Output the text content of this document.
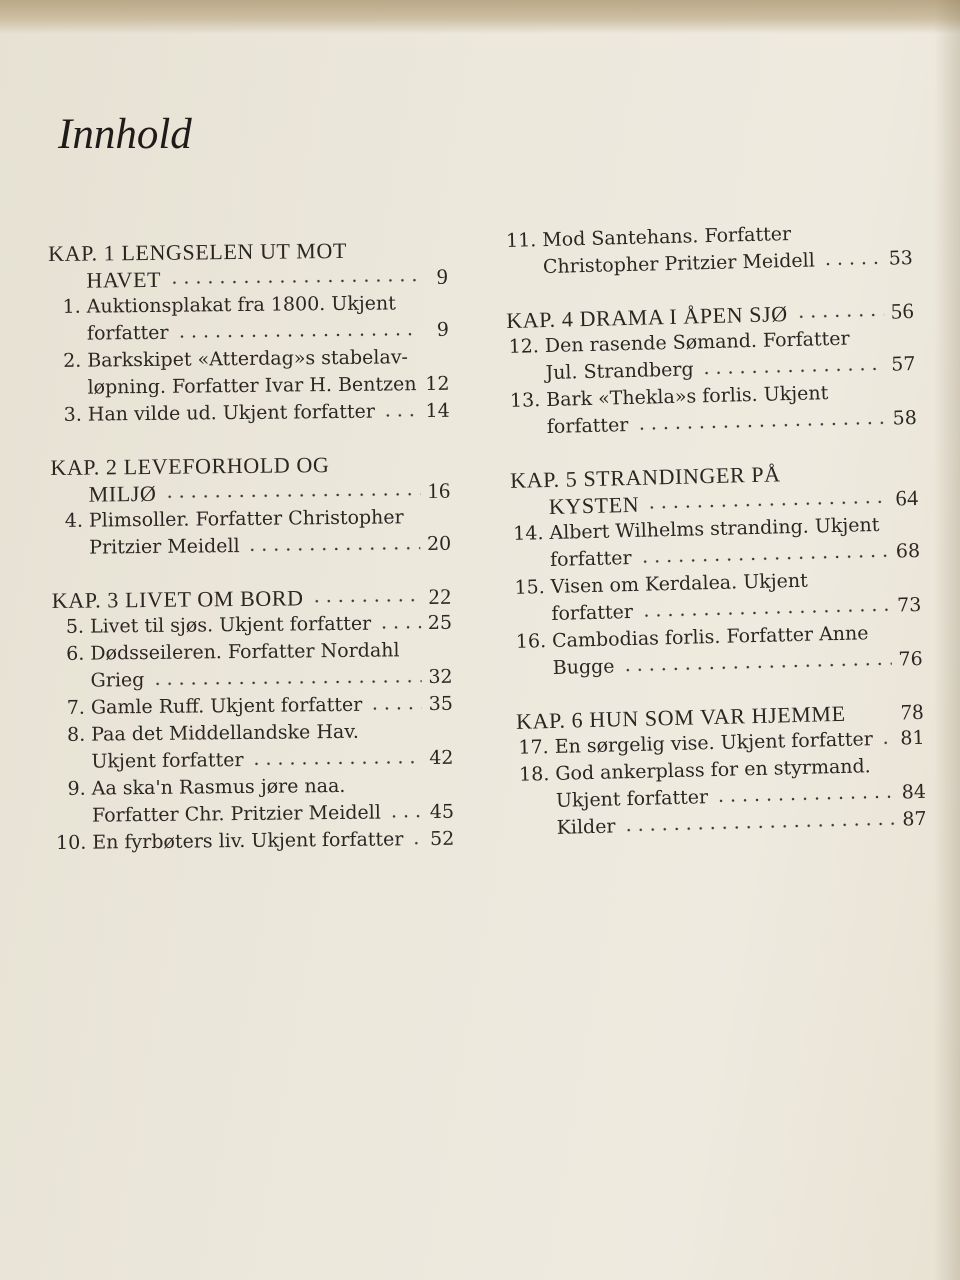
Innhold
KAP. 1 LENGSELEN UT MOT
HAVET	9
1. Auktionsplakat fra 1800. Ukjent
forfatter	9
2. Barkskipet «Atterdag»s stabelav-
løpning. Forfatter Ivar H. Bentzen 12
3. Han vilde ud. Ukjent forfatter	14
KAP. 2 LEVEFORHOLD OG
MILJØ	16
4. Plimsoller. Forfatter Christopher
Pritzier Meidell	20
KAP. 3 LIVET OM BORD	22
5. Livet til sjøs. Ukjent forfatter	25
6. Dødsseileren. Forfatter Nordahl
Grieg	32
7. Gamle Ruff. Ukjent forfatter	35
8. Paa det Middellandske Hav.
Ukjent forfatter	42
9. Aa ska'n Rasmus jøre naa.
Forfatter Chr. Pritzier Meidell	45
10. En fyrbøters liv. Ukjent forfatter 52
11. Mod Santehans. Forfatter
Christopher Pritzier Meidell	53
KAP. 4 DRAMA I ÅPEN SJØ	56
12. Den rasende Sømand. Forfatter
Jul. Strandberg	57
13. Bark «Thekla»s forlis. Ukjent
forfatter	58
KAP. 5 STRANDINGER PÅ
KYSTEN	64
14. Albert Wilhelms stranding. Ukjent
forfatter	68
15. Visen om Kerdalea. Ukjent
forfatter	73
16. Cambodias forlis. Forfatter Anne
Bugge	76
KAP. 6 HUN SOM VAR HJEMME 78
17. En sørgelig vise. Ukjent forfatter 81
18. God ankerplass for en styrmand.
Ukjent forfatter	84
Kilder	87
